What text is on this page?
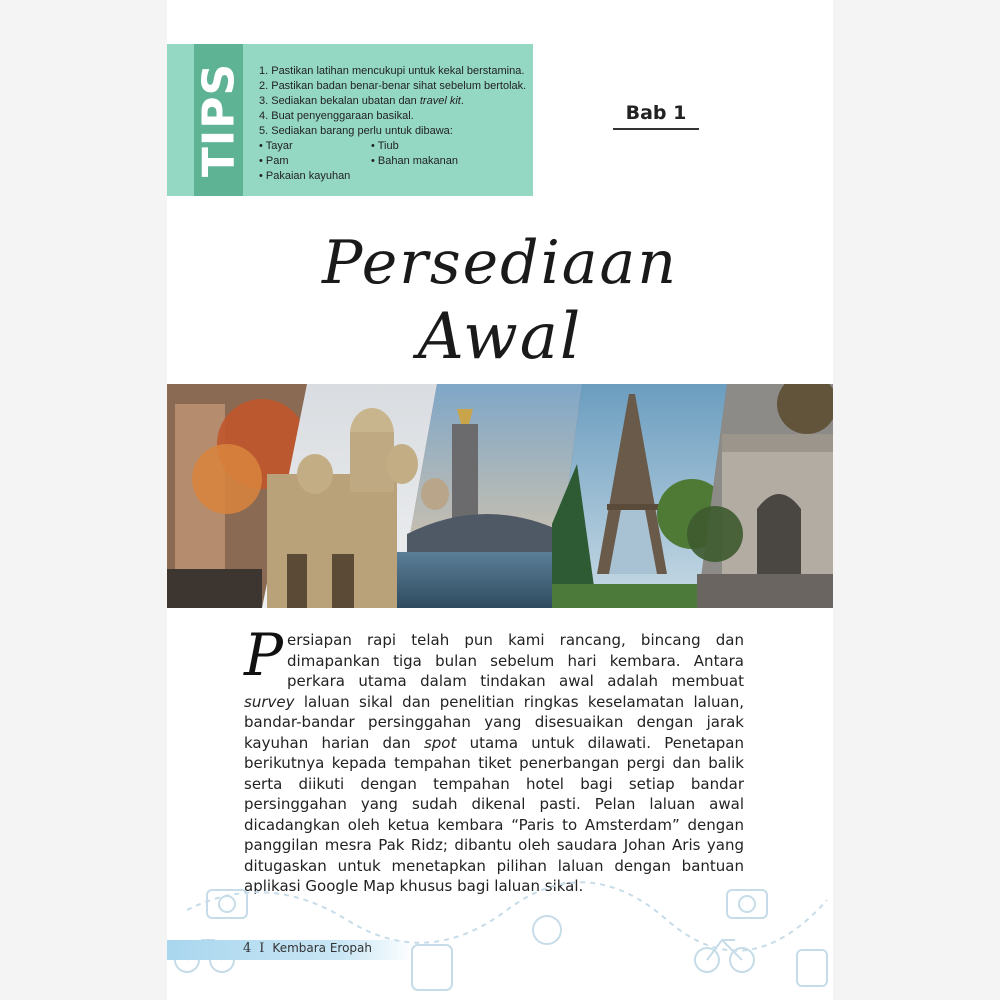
TIPS 1. Pastikan latihan mencukupi untuk kekal berstamina.
2. Pastikan badan benar-benar sihat sebelum bertolak.
3. Sediakan bekalan ubatan dan travel kit.
4. Buat penyenggaraan basikal.
5. Sediakan barang perlu untuk dibawa:
• Tayar
• Pam
• Pakaian kayuhan
• Tiub
• Bahan makanan
Bab 1
Persediaan
Awal
Persiapan rapi telah pun kami rancang, bincang dan dimapankan tiga bulan sebelum hari kembara. Antara perkara utama dalam tindakan awal adalah membuat survey laluan sikal dan penelitian ringkas keselamatan laluan, bandar-bandar persinggahan yang disesuaikan dengan jarak kayuhan harian dan spot utama untuk dilawati. Penetapan berikutnya kepada tempahan tiket penerbangan pergi dan balik serta diikuti dengan tempahan hotel bagi setiap bandar persinggahan yang sudah dikenal pasti. Pelan laluan awal dicadangkan oleh ketua kembara “Paris to Amsterdam” dengan panggilan mesra Pak Ridz; dibantu oleh saudara Johan Aris yang ditugaskan untuk menetapkan pilihan laluan dengan bantuan aplikasi Google Map khusus bagi laluan sikal.
4 I Kembara Eropah
